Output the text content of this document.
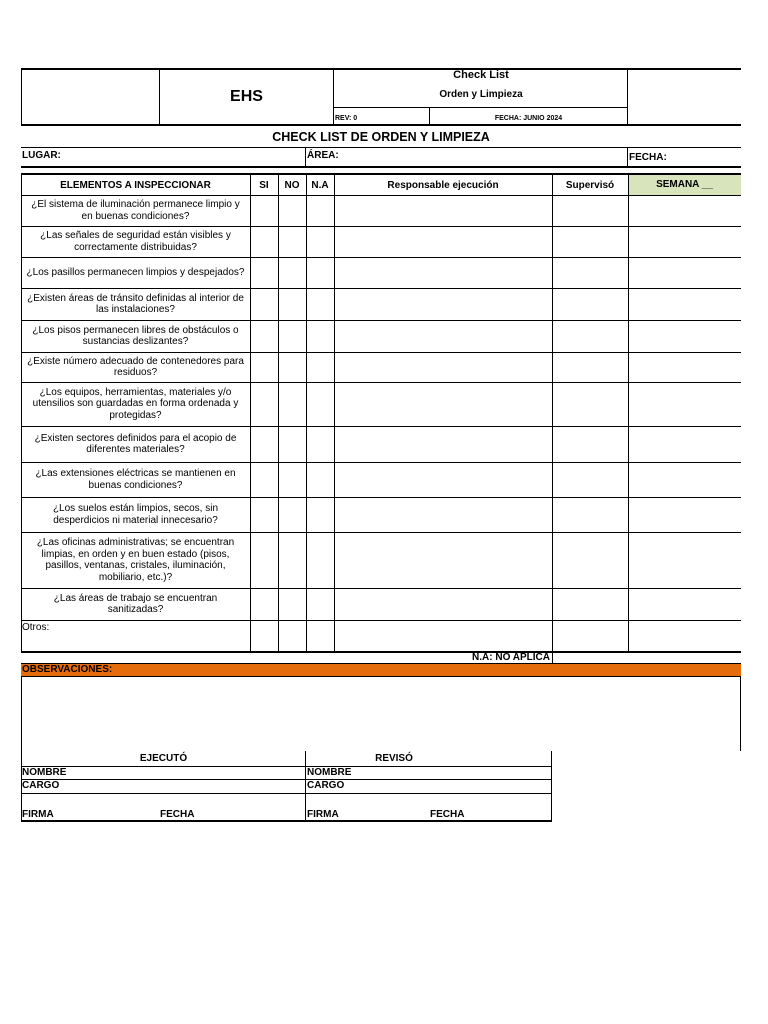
EHS
Check List
Orden y Limpieza
REV: 0	FECHA: JUNIO 2024
CHECK LIST DE ORDEN Y LIMPIEZA
LUGAR:	ÁREA:	FECHA:
ELEMENTOS A INSPECCIONAR	SI NO N.A	Responsable ejecución	Supervisó	SEMANA __
¿El sistema de iluminación permanece limpio y
en buenas condiciones?
¿Las señales de seguridad están visibles y
correctamente distribuidas?
¿Los pasillos permanecen limpios y despejados?
¿Existen áreas de tránsito definidas al interior de
las instalaciones?
¿Los pisos permanecen libres de obstáculos o
sustancias deslizantes?
¿Existe número adecuado de contenedores para
residuos?
¿Los equipos, herramientas, materiales y/o
utensilios son guardadas en forma ordenada y
protegidas?
¿Existen sectores definidos para el acopio de
diferentes materiales?
¿Las extensiones eléctricas se mantienen en
buenas condiciones?
¿Los suelos están limpios, secos, sin
desperdicios ni material innecesario?
¿Las oficinas administrativas; se encuentran
limpias, en orden y en buen estado (pisos,
pasillos, ventanas, cristales, iluminación,
mobiliario, etc.)?
¿Las áreas de trabajo se encuentran
sanitizadas?
Otros:
N.A: NO APLICA
OBSERVACIONES:
EJECUTÓ	REVISÓ
NOMBRE	NOMBRE
CARGO	CARGO
FIRMA	FECHA	FIRMA	FECHA
